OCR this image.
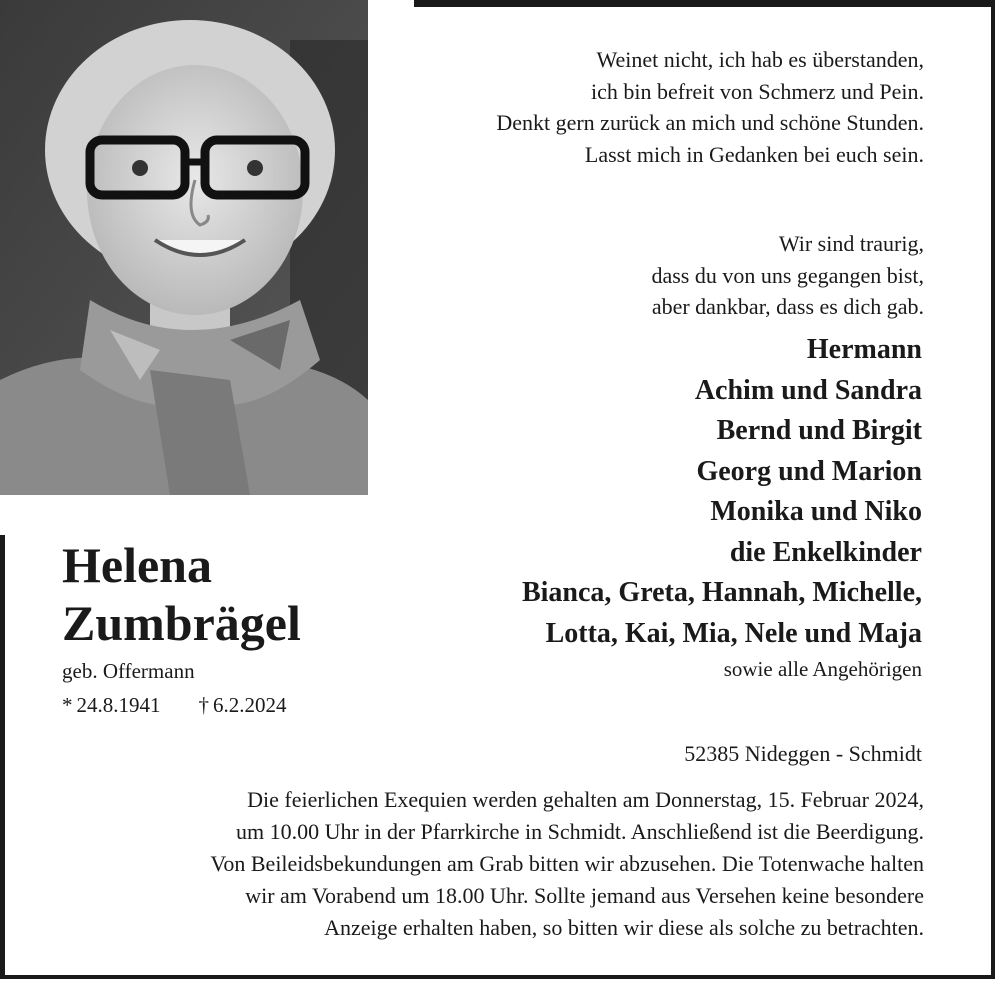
Weinet nicht, ich hab es überstanden,
ich bin befreit von Schmerz und Pein.
Denkt gern zurück an mich und schöne Stunden.
Lasst mich in Gedanken bei euch sein.
Wir sind traurig,
dass du von uns gegangen bist,
aber dankbar, dass es dich gab.
Hermann
Achim und Sandra
Bernd und Birgit
Georg und Marion
Monika und Niko
die Enkelkinder
Bianca, Greta, Hannah, Michelle,
Lotta, Kai, Mia, Nele und Maja
sowie alle Angehörigen
Helena
Zumbrägel
geb. Offermann
* 24.8.1941 † 6.2.2024
52385 Nideggen - Schmidt
Die feierlichen Exequien werden gehalten am Donnerstag, 15. Februar 2024,
um 10.00 Uhr in der Pfarrkirche in Schmidt. Anschließend ist die Beerdigung.
Von Beileidsbekundungen am Grab bitten wir abzusehen. Die Totenwache halten
wir am Vorabend um 18.00 Uhr. Sollte jemand aus Versehen keine besondere
Anzeige erhalten haben, so bitten wir diese als solche zu betrachten.
